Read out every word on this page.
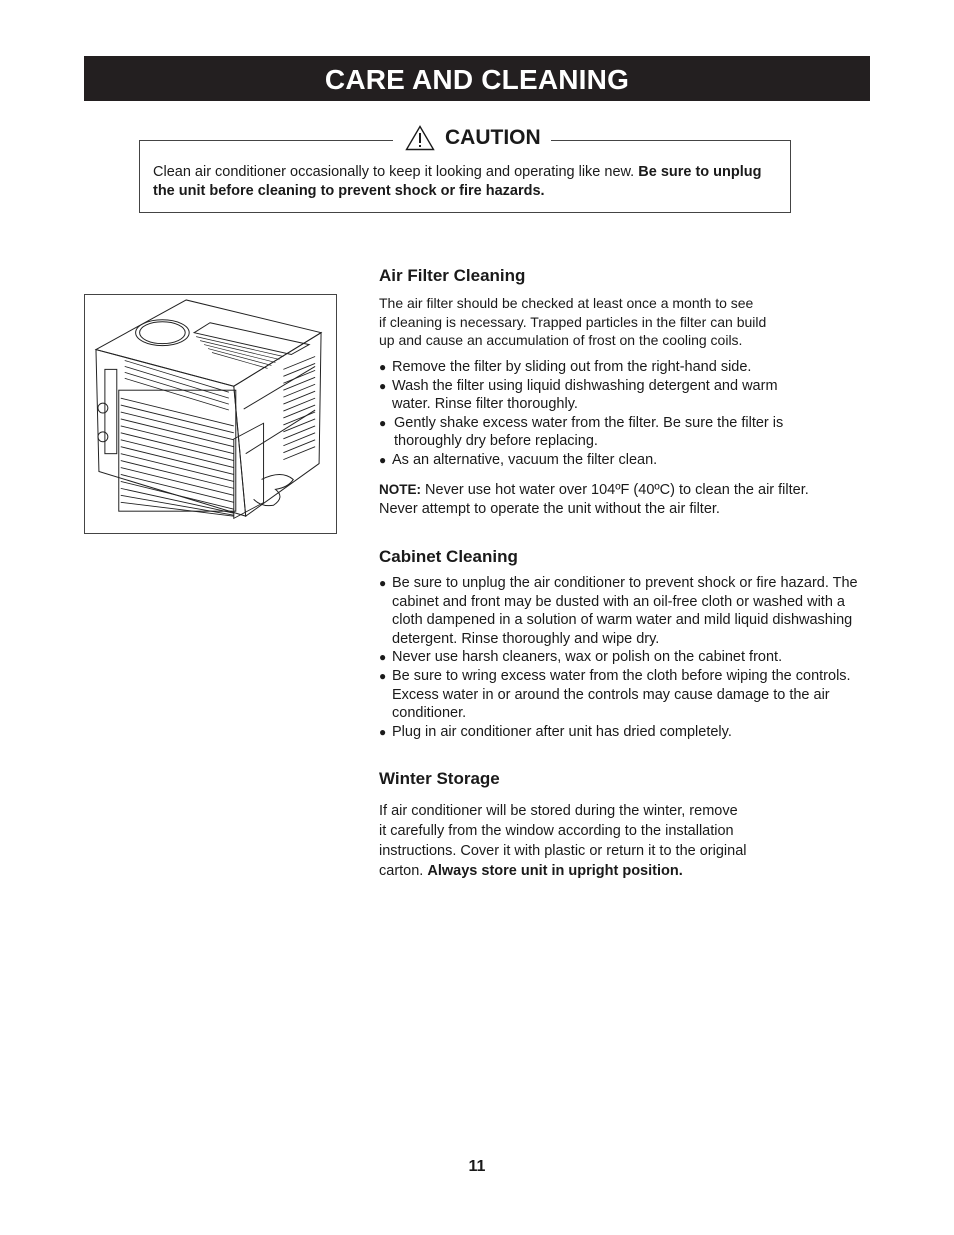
CARE AND CLEANING
CAUTION
Clean air conditioner occasionally to keep it looking and operating like new. Be sure to unplug the unit before cleaning to prevent shock or fire hazards.
Air Filter Cleaning

The air filter should be checked at least once a month to see

if cleaning is necessary. Trapped particles in the filter can build

up and cause an accumulation of frost on the cooling coils.

● Remove the filter by sliding out from the right-hand side.
● Wash the filter using liquid dishwashing detergent and warm water. Rinse filter thoroughly.
● Gently shake excess water from the filter. Be sure the filter is thoroughly dry before replacing.
● As an alternative, vacuum the filter clean.

NOTE: Never use hot water over 104ºF (40ºC) to clean the air filter.

Never attempt to operate the unit without the air filter.

Cabinet Cleaning
● Be sure to unplug the air conditioner to prevent shock or fire hazard. The cabinet and front may be dusted with an oil-free cloth or washed with a cloth dampened in a solution of warm water and mild liquid dishwashing detergent. Rinse thoroughly and wipe dry.
● Never use harsh cleaners, wax or polish on the cabinet front.
● Be sure to wring excess water from the cloth before wiping the controls. Excess water in or around the controls may cause damage to the air conditioner.
● Plug in air conditioner after unit has dried completely.
Winter Storage

If air conditioner will be stored during the winter, remove

it carefully from the window according to the installation

instructions. Cover it with plastic or return it to the original

carton. Always store unit in upright position.

11
